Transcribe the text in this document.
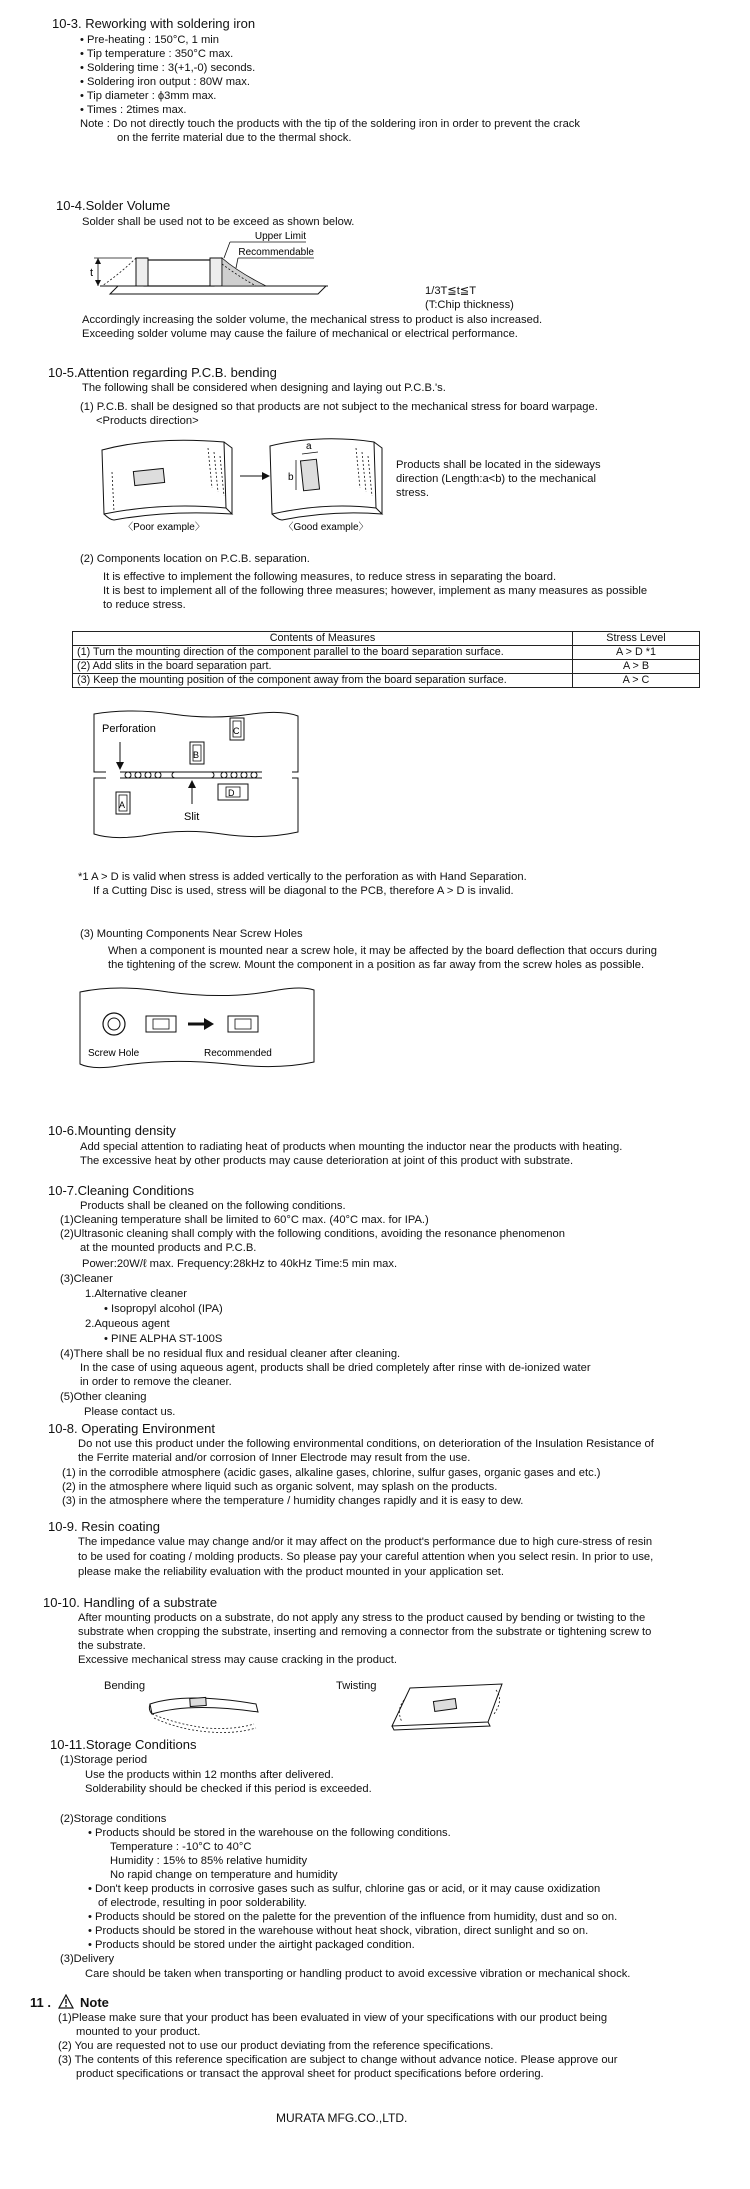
10-3. Reworking with soldering iron
• Pre-heating : 150°C, 1 min
• Tip temperature : 350°C max.
• Soldering time : 3(+1,-0) seconds.
• Soldering iron output : 80W max.
• Tip diameter : ϕ3mm max.
• Times : 2times max.
Note : Do not directly touch the products with the tip of the soldering iron in order to prevent the crack
on the ferrite material due to the thermal shock.
10-4.Solder Volume
Solder shall be used not to be exceed as shown below.
t
Upper Limit
Recommendable
1/3T≦t≦T
(T:Chip thickness)
Accordingly increasing the solder volume, the mechanical stress to product is also increased.
Exceeding solder volume may cause the failure of mechanical or electrical performance.
10-5.Attention regarding P.C.B. bending
The following shall be considered when designing and laying out P.C.B.'s.
(1) P.C.B. shall be designed so that products are not subject to the mechanical stress for board warpage.
<Products direction>
a
b
〈Poor example〉	〈Good example〉
Products shall be located in the sideways
direction (Length:a<b) to the mechanical
stress.
(2) Components location on P.C.B. separation.
It is effective to implement the following measures, to reduce stress in separating the board.
It is best to implement all of the following three measures; however, implement as many measures as possible
to reduce stress.
Contents of Measures	Stress Level
(1) Turn the mounting direction of the component parallel to the board separation surface.	A > D *1
(2) Add slits in the board separation part.	A > B
(3) Keep the mounting position of the component away from the board separation surface.	A > C
Perforation
B
C
D
A
Slit
*1 A > D is valid when stress is added vertically to the perforation as with Hand Separation.
If a Cutting Disc is used, stress will be diagonal to the PCB, therefore A > D is invalid.
(3) Mounting Components Near Screw Holes
When a component is mounted near a screw hole, it may be affected by the board deflection that occurs during
the tightening of the screw. Mount the component in a position as far away from the screw holes as possible.
Screw Hole	Recommended
10-6.Mounting density
Add special attention to radiating heat of products when mounting the inductor near the products with heating.
The excessive heat by other products may cause deterioration at joint of this product with substrate.
10-7.Cleaning Conditions
Products shall be cleaned on the following conditions.
(1)Cleaning temperature shall be limited to 60°C max. (40°C max. for IPA.)
(2)Ultrasonic cleaning shall comply with the following conditions, avoiding the resonance phenomenon
at the mounted products and P.C.B.
Power:20W/ℓ max. Frequency:28kHz to 40kHz Time:5 min max.
(3)Cleaner
1.Alternative cleaner
• Isopropyl alcohol (IPA)
2.Aqueous agent
• PINE ALPHA ST-100S
(4)There shall be no residual flux and residual cleaner after cleaning.
In the case of using aqueous agent, products shall be dried completely after rinse with de-ionized water
in order to remove the cleaner.
(5)Other cleaning
Please contact us.
10-8. Operating Environment
Do not use this product under the following environmental conditions, on deterioration of the Insulation Resistance of
the Ferrite material and/or corrosion of Inner Electrode may result from the use.
(1) in the corrodible atmosphere (acidic gases, alkaline gases, chlorine, sulfur gases, organic gases and etc.)
(2) in the atmosphere where liquid such as organic solvent, may splash on the products.
(3) in the atmosphere where the temperature / humidity changes rapidly and it is easy to dew.
10-9. Resin coating
The impedance value may change and/or it may affect on the product's performance due to high cure-stress of resin
to be used for coating / molding products. So please pay your careful attention when you select resin. In prior to use,
please make the reliability evaluation with the product mounted in your application set.
10-10. Handling of a substrate
After mounting products on a substrate, do not apply any stress to the product caused by bending or twisting to the
substrate when cropping the substrate, inserting and removing a connector from the substrate or tightening screw to
the substrate.
Excessive mechanical stress may cause cracking in the product.
Bending	Twisting
10-11.Storage Conditions
(1)Storage period
Use the products within 12 months after delivered.
Solderability should be checked if this period is exceeded.
(2)Storage conditions
• Products should be stored in the warehouse on the following conditions.
Temperature : -10°C to 40°C
Humidity : 15% to 85% relative humidity
No rapid change on temperature and humidity
• Don't keep products in corrosive gases such as sulfur, chlorine gas or acid, or it may cause oxidization
of electrode, resulting in poor solderability.
• Products should be stored on the palette for the prevention of the influence from humidity, dust and so on.
• Products should be stored in the warehouse without heat shock, vibration, direct sunlight and so on.
• Products should be stored under the airtight packaged condition.
(3)Delivery
Care should be taken when transporting or handling product to avoid excessive vibration or mechanical shock.
11 . Note
(1)Please make sure that your product has been evaluated in view of your specifications with our product being
mounted to your product.
(2) You are requested not to use our product deviating from the reference specifications.
(3) The contents of this reference specification are subject to change without advance notice. Please approve our
product specifications or transact the approval sheet for product specifications before ordering.
MURATA MFG.CO.,LTD.
